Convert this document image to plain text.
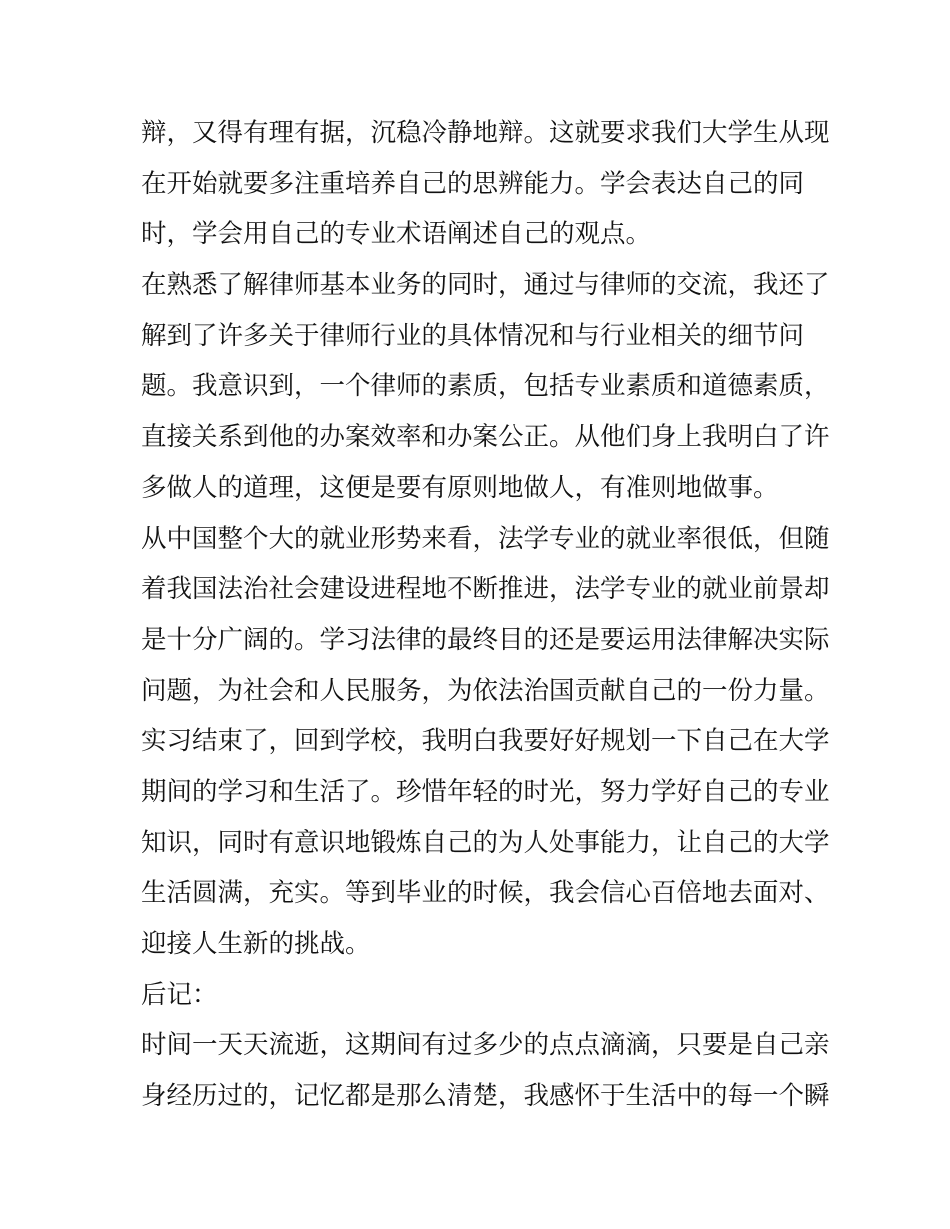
辩，又得有理有据，沉稳冷静地辩。这就要求我们大学生从现
在开始就要多注重培养自己的思辨能力。学会表达自己的同
时，学会用自己的专业术语阐述自己的观点。
在熟悉了解律师基本业务的同时，通过与律师的交流，我还了
解到了许多关于律师行业的具体情况和与行业相关的细节问
题。我意识到，一个律师的素质，包括专业素质和道德素质，
直接关系到他的办案效率和办案公正。从他们身上我明白了许
多做人的道理，这便是要有原则地做人，有准则地做事。
从中国整个大的就业形势来看，法学专业的就业率很低，但随
着我国法治社会建设进程地不断推进，法学专业的就业前景却
是十分广阔的。学习法律的最终目的还是要运用法律解决实际
问题，为社会和人民服务，为依法治国贡献自己的一份力量。
实习结束了，回到学校，我明白我要好好规划一下自己在大学
期间的学习和生活了。珍惜年轻的时光，努力学好自己的专业
知识，同时有意识地锻炼自己的为人处事能力，让自己的大学
生活圆满，充实。等到毕业的时候，我会信心百倍地去面对、
迎接人生新的挑战。
后记：
时间一天天流逝，这期间有过多少的点点滴滴，只要是自己亲
身经历过的，记忆都是那么清楚，我感怀于生活中的每一个瞬
